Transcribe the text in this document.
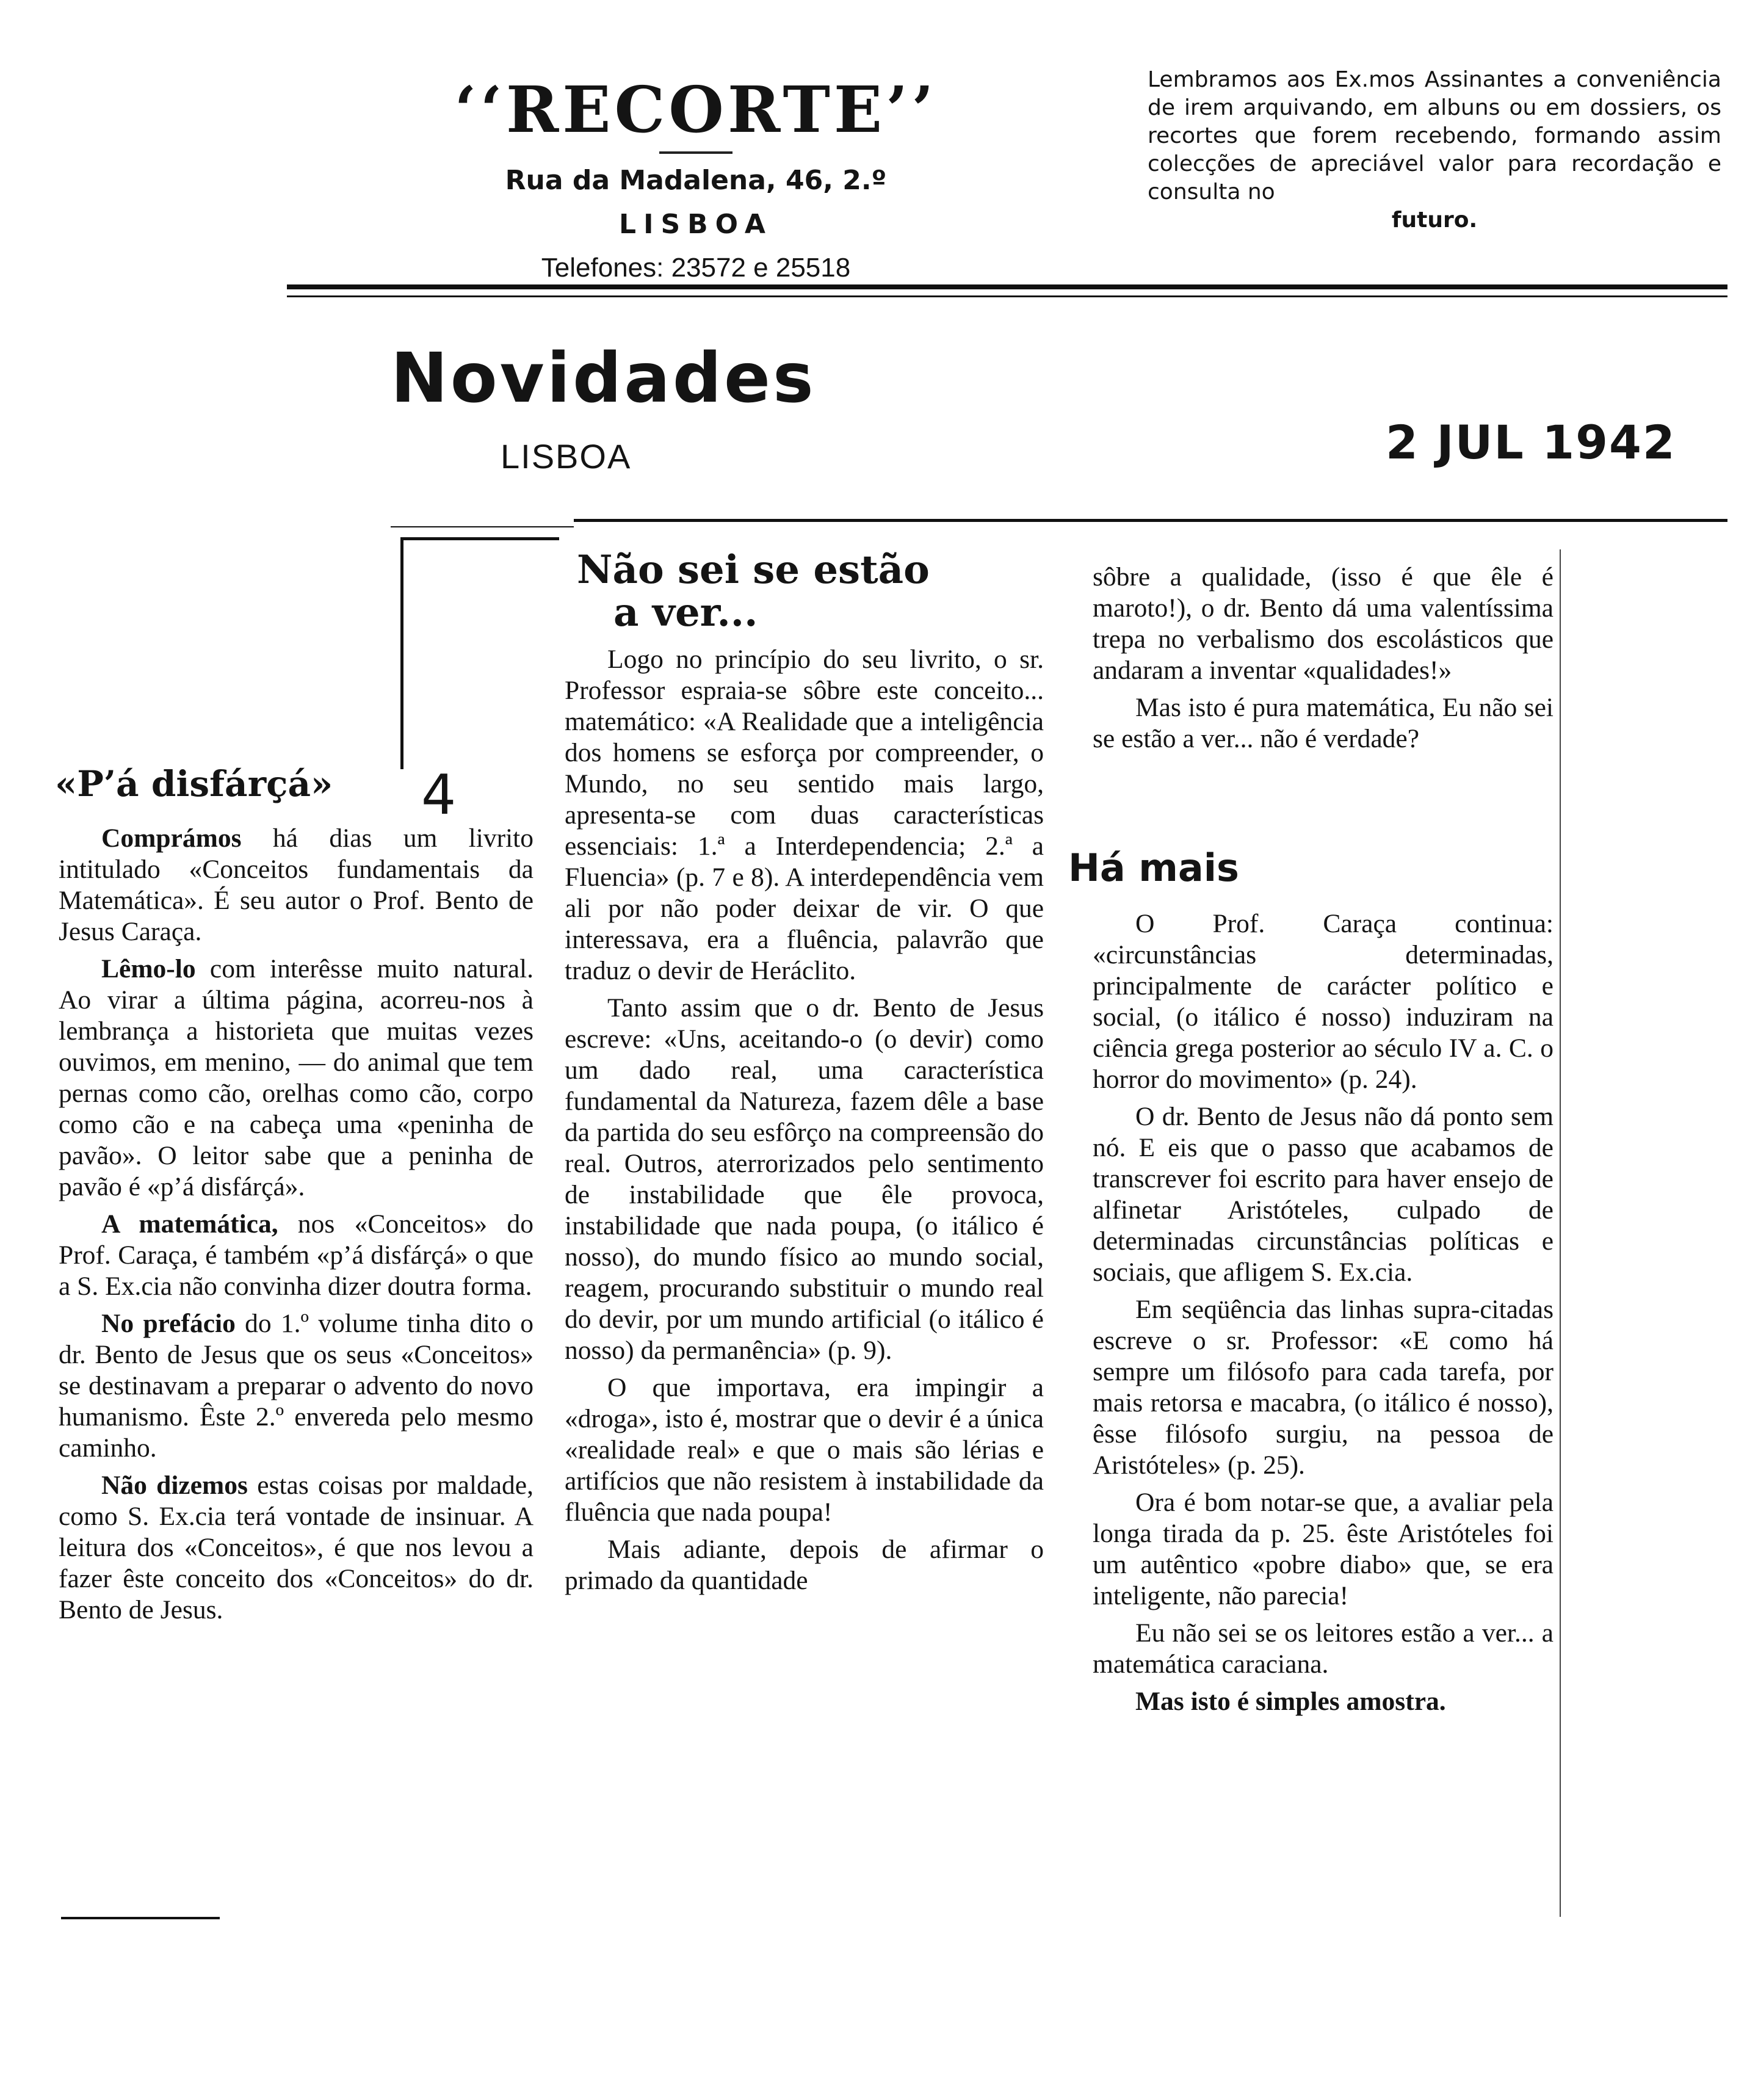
‘‘RECORTE’’
Rua da Madalena, 46, 2.º
LISBOA
Telefones: 23572 e 25518
Lembramos aos Ex.mos Assinantes a conveniência de irem arquivando, em albuns ou em dossiers, os recortes que forem recebendo, formando assim colecções de apreciável valor para recordação e consulta no
futuro.
Novidades
LISBOA	2 JUL 1942
4
«P’á disfárçá»

Comprámos há dias um livrito intitulado «Conceitos fundamentais da Matemática». É seu autor o Prof. Bento de Jesus Caraça.

Lêmo-lo com interêsse muito natural. Ao virar a última página, acorreu-nos à lembrança a historieta que muitas vezes ouvimos, em menino, — do animal que tem pernas como cão, orelhas como cão, corpo como cão e na cabeça uma «peninha de pavão». O leitor sabe que a peninha de pavão é «p’á disfárçá».

A matemática, nos «Conceitos» do Prof. Caraça, é também «p’á disfárçá» o que a S. Ex.cia não convinha dizer doutra forma.

No prefácio do 1.º volume tinha dito o dr. Bento de Jesus que os seus «Conceitos» se destinavam a preparar o advento do novo humanismo. Êste 2.º envereda pelo mesmo caminho.

Não dizemos estas coisas por maldade, como S. Ex.cia terá vontade de insinuar. A leitura dos «Conceitos», é que nos levou a fazer êste conceito dos «Conceitos» do dr. Bento de Jesus.

Não sei se estão
a ver...

Logo no princípio do seu livrito, o sr. Professor espraia-se sôbre este conceito... matemático: «A Realidade que a inteligência dos homens se esforça por compreender, o Mundo, no seu sentido mais largo, apresenta-se com duas características essenciais: 1.ª a Interdependencia; 2.ª a Fluencia» (p. 7 e 8). A interdependência vem ali por não poder deixar de vir. O que interessava, era a fluência, palavrão que traduz o devir de Heráclito.

Tanto assim que o dr. Bento de Jesus escreve: «Uns, aceitando-o (o devir) como um dado real, uma característica fundamental da Natureza, fazem dêle a base da partida do seu esfôrço na compreensão do real. Outros, aterrorizados pelo sentimento de instabilidade que êle provoca, instabilidade que nada poupa, (o itálico é nosso), do mundo físico ao mundo social, reagem, procurando substituir o mundo real do devir, por um mundo artificial (o itálico é nosso) da permanência» (p. 9).

O que importava, era impingir a «droga», isto é, mostrar que o devir é a única «realidade real» e que o mais são lérias e artifícios que não resistem à instabilidade da fluência que nada poupa!

Mais adiante, depois de afirmar o primado da quantidade

sôbre a qualidade, (isso é que êle é maroto!), o dr. Bento dá uma valentíssima trepa no verbalismo dos escolásticos que andaram a inventar «qualidades!»

Mas isto é pura matemática, Eu não sei se estão a ver... não é verdade?

O Prof. Caraça continua: «circunstâncias determinadas, principalmente de carácter político e social, (o itálico é nosso) induziram na ciência grega posterior ao século IV a. C. o horror do movimento» (p. 24).

O dr. Bento de Jesus não dá ponto sem nó. E eis que o passo que acabamos de transcrever foi escrito para haver ensejo de alfinetar Aristóteles, culpado de determinadas circunstâncias políticas e sociais, que afligem S. Ex.cia.

Em seqüência das linhas supra-citadas escreve o sr. Professor: «E como há sempre um filósofo para cada tarefa, por mais retorsa e macabra, (o itálico é nosso), êsse filósofo surgiu, na pessoa de Aristóteles» (p. 25).

Ora é bom notar-se que, a avaliar pela longa tirada da p. 25. êste Aristóteles foi um autêntico «pobre diabo» que, se era inteligente, não parecia!

Eu não sei se os leitores estão a ver... a matemática caraciana.

Mas isto é simples amostra.

Há mais
